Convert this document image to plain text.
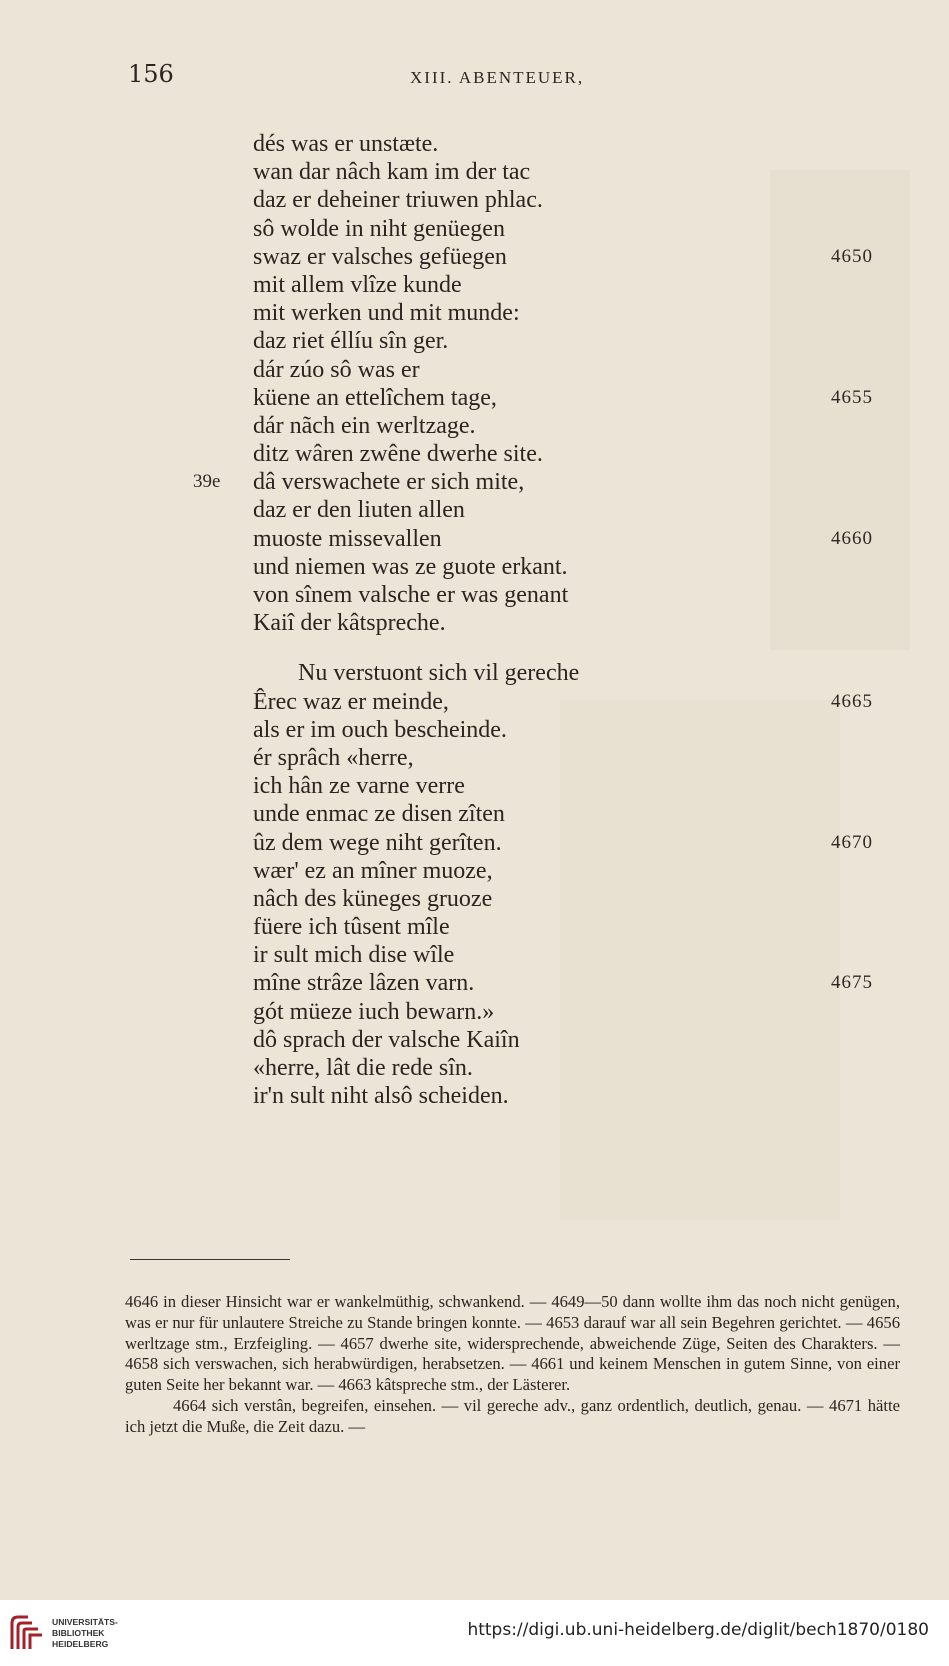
156	XIII. ABENTEUER,
dés was er unstæte.
wan dar nâch kam im der tac
daz er deheiner triuwen phlac.
sô wolde in niht genüegen
swaz er valsches gefüegen	4650
mit allem vlîze kunde
mit werken und mit munde:
daz riet éllíu sîn ger.
dár zúo sô was er
küene an ettelîchem tage,	4655
dár nãch ein werltzage.
ditz wâren zwêne dwerhe site.
39e dâ verswachete er sich mite,
daz er den liuten allen
muoste missevallen	4660
und niemen was ze guote erkant.
von sînem valsche er was genant
Kaiî der kâtspreche.
Nu verstuont sich vil gereche
Êrec waz er meinde,	4665
als er im ouch bescheinde.
ér sprâch «herre,
ich hân ze varne verre
unde enmac ze disen zîten
ûz dem wege niht gerîten.	4670
wær' ez an mîner muoze,
nâch des küneges gruoze
füere ich tûsent mîle
ir sult mich dise wîle
mîne strâze lâzen varn.	4675
gót müeze iuch bewarn.»
dô sprach der valsche Kaiîn
«herre, lât die rede sîn.
ir'n sult niht alsô scheiden.

4646 in dieser Hinsicht war er wankelmüthig, schwankend. — 4649—50 dann wollte ihm das noch nicht genügen, was er nur für unlautere Streiche zu Stande bringen konnte. — 4653 darauf war all sein Begehren gerichtet. — 4656 werltzage stm., Erzfeigling. — 4657 dwerhe site, widersprechende, abweichende Züge, Seiten des Charakters. — 4658 sich verswachen, sich herabwürdigen, herabsetzen. — 4661 und keinem Menschen in gutem Sinne, von einer guten Seite her bekannt war. — 4663 kâtspreche stm., der Lästerer.

4664 sich verstân, begreifen, einsehen. — vil gereche adv., ganz ordentlich, deutlich, genau. — 4671 hätte ich jetzt die Muße, die Zeit dazu. —

UNIVERSITÄTS-
BIBLIOTHEK
HEIDELBERG
https://digi.ub.uni-heidelberg.de/diglit/bech1870/0180
